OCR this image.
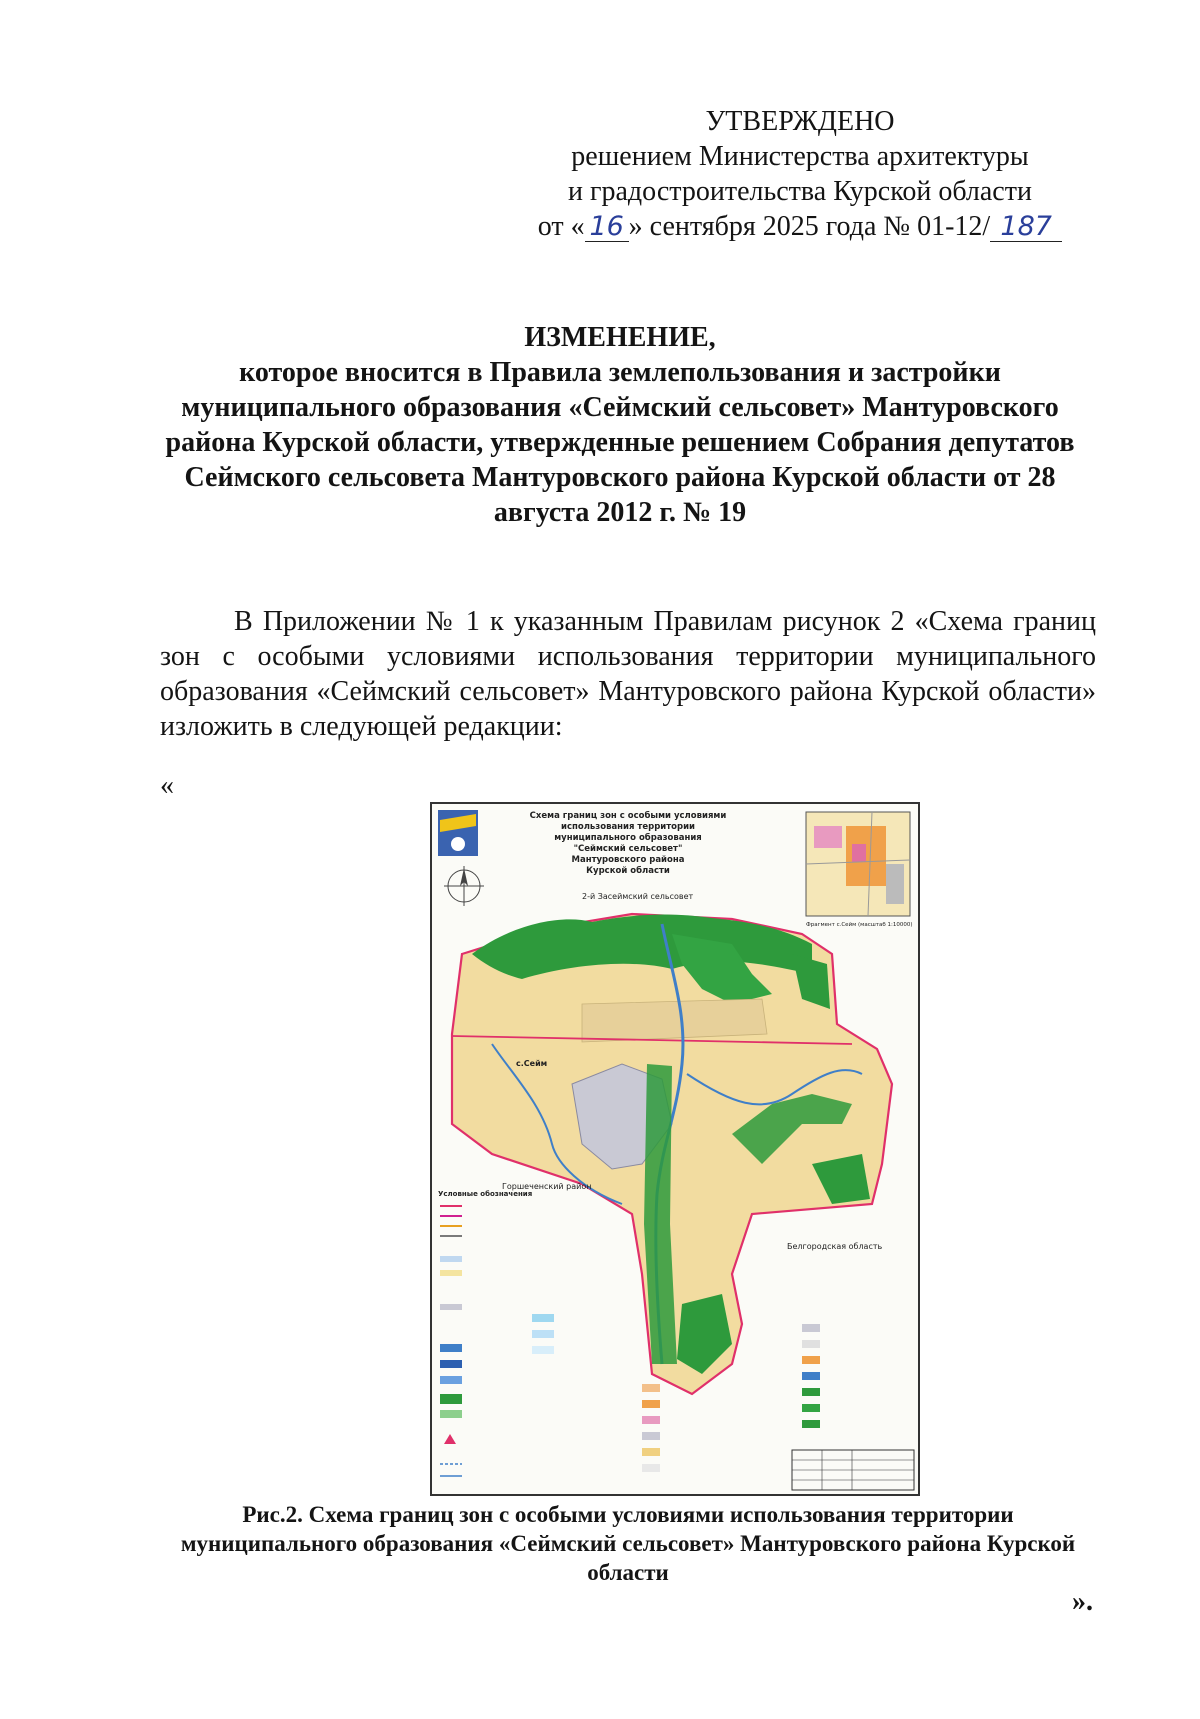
УТВЕРЖДЕНО
решением Министерства архитектуры
и градостроительства Курской области
от « 16 » сентября 2025 года № 01-12/ 187
ИЗМЕНЕНИЕ,
которое вносится в Правила землепользования и застройки муниципального образования «Сеймский сельсовет» Мантуровского района Курской области, утвержденные решением Собрания депутатов Сеймского сельсовета Мантуровского района Курской области от 28 августа 2012 г. № 19

В Приложении № 1 к указанным Правилам рисунок 2 «Схема границ зон с особыми условиями использования территории муниципального образования «Сеймский сельсовет» Мантуровского района Курской области» изложить в следующей редакции:

«
Схема границ зон с особыми условиями
использования территории
муниципального образования
"Сеймский сельсовет"
Мантуровского района
Курской области
Фрагмент с.Сейм (масштаб 1:10000)
2-й Засеймский сельсовет
Горшеченский район
Белгородская область
с.Сейм
Условные обозначения
Рис.2. Схема границ зон с особыми условиями использования территории муниципального образования «Сеймский сельсовет» Мантуровского района Курской области
».
